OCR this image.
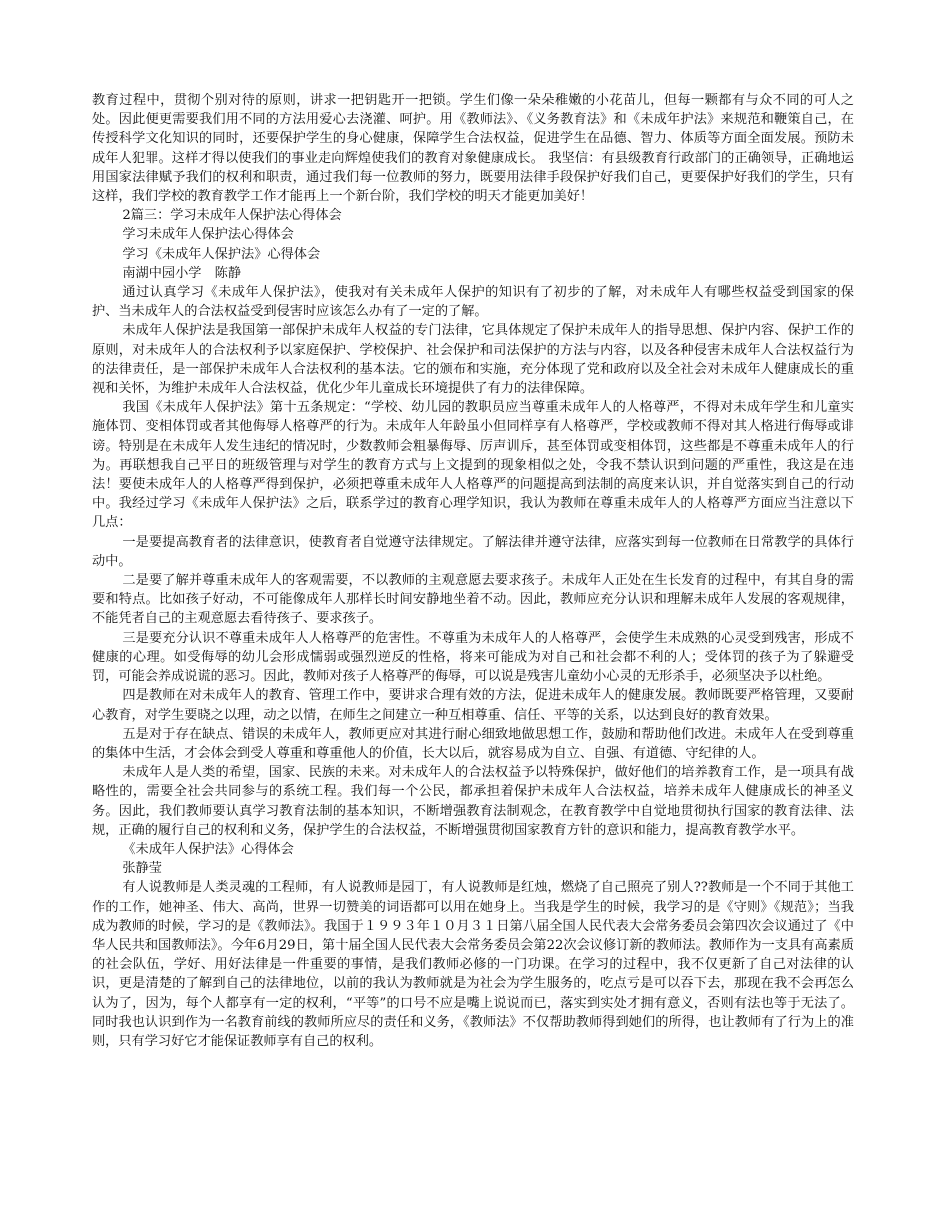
教育过程中，贯彻个别对待的原则，讲求一把钥匙开一把锁。学生们像一朵朵稚嫩的小花苗儿，但每一颗都有与众不同的可人之处。因此便更需要我们用不同的方法用爱心去浇灌、呵护。用《教师法》、《义务教育法》和《未成年护法》来规范和鞭策自己，在传授科学文化知识的同时，还要保护学生的身心健康，保障学生合法权益，促进学生在品德、智力、体质等方面全面发展。预防未成年人犯罪。这样才得以使我们的事业走向辉煌使我们的教育对象健康成长。 我坚信：有县级教育行政部门的正确领导，正确地运用国家法律赋予我们的权利和职责，通过我们每一位教师的努力，既要用法律手段保护好我们自己，更要保护好我们的学生，只有这样，我们学校的教育教学工作才能再上一个新台阶，我们学校的明天才能更加美好！

2篇三：学习未成年人保护法心得体会

学习未成年人保护法心得体会

学习《未成年人保护法》心得体会

南湖中园小学　陈静

通过认真学习《未成年人保护法》，使我对有关未成年人保护的知识有了初步的了解，对未成年人有哪些权益受到国家的保护、当未成年人的合法权益受到侵害时应该怎么办有了一定的了解。

未成年人保护法是我国第一部保护未成年人权益的专门法律，它具体规定了保护未成年人的指导思想、保护内容、保护工作的原则，对未成年人的合法权利予以家庭保护、学校保护、社会保护和司法保护的方法与内容，以及各种侵害未成年人合法权益行为的法律责任，是一部保护未成年人合法权利的基本法。它的颁布和实施，充分体现了党和政府以及全社会对未成年人健康成长的重视和关怀，为维护未成年人合法权益，优化少年儿童成长环境提供了有力的法律保障。

我国《未成年人保护法》第十五条规定：“学校、幼儿园的教职员应当尊重未成年人的人格尊严，不得对未成年学生和儿童实施体罚、变相体罚或者其他侮辱人格尊严的行为。未成年人年龄虽小但同样享有人格尊严，学校或教师不得对其人格进行侮辱或诽谤。特别是在未成年人发生违纪的情况时，少数教师会粗暴侮辱、厉声训斥，甚至体罚或变相体罚，这些都是不尊重未成年人的行为。再联想我自己平日的班级管理与对学生的教育方式与上文提到的现象相似之处，令我不禁认识到问题的严重性，我这是在违法！要使未成年人的人格尊严得到保护，必须把尊重未成年人人格尊严的问题提高到法制的高度来认识，并自觉落实到自己的行动中。我经过学习《未成年人保护法》之后，联系学过的教育心理学知识，我认为教师在尊重未成年人的人格尊严方面应当注意以下几点：

一是要提高教育者的法律意识，使教育者自觉遵守法律规定。了解法律并遵守法律，应落实到每一位教师在日常教学的具体行动中。

二是要了解并尊重未成年人的客观需要，不以教师的主观意愿去要求孩子。未成年人正处在生长发育的过程中，有其自身的需要和特点。比如孩子好动，不可能像成年人那样长时间安静地坐着不动。因此，教师应充分认识和理解未成年人发展的客观规律，不能凭者自己的主观意愿去看待孩子、要求孩子。

三是要充分认识不尊重未成年人人格尊严的危害性。不尊重为未成年人的人格尊严，会使学生未成熟的心灵受到残害，形成不健康的心理。如受侮辱的幼儿会形成懦弱或强烈逆反的性格，将来可能成为对自己和社会都不利的人；受体罚的孩子为了躲避受罚，可能会养成说谎的恶习。因此，教师对孩子人格尊严的侮辱，可以说是残害儿童幼小心灵的无形杀手，必须坚决予以杜绝。

四是教师在对未成年人的教育、管理工作中，要讲求合理有效的方法，促进未成年人的健康发展。教师既要严格管理，又要耐心教育，对学生要晓之以理，动之以情，在师生之间建立一种互相尊重、信任、平等的关系，以达到良好的教育效果。

五是对于存在缺点、错误的未成年人，教师更应对其进行耐心细致地做思想工作，鼓励和帮助他们改进。未成年人在受到尊重的集体中生活，才会体会到受人尊重和尊重他人的价值，长大以后，就容易成为自立、自强、有道德、守纪律的人。

未成年人是人类的希望，国家、民族的未来。对未成年人的合法权益予以特殊保护，做好他们的培养教育工作，是一项具有战略性的，需要全社会共同参与的系统工程。我们每一个公民，都承担着保护未成年人合法权益，培养未成年人健康成长的神圣义务。因此，我们教师要认真学习教育法制的基本知识，不断增强教育法制观念，在教育教学中自觉地贯彻执行国家的教育法律、法规，正确的履行自己的权利和义务，保护学生的合法权益，不断增强贯彻国家教育方针的意识和能力，提高教育教学水平。

《未成年人保护法》心得体会

张静莹

有人说教师是人类灵魂的工程师，有人说教师是园丁，有人说教师是红烛，燃烧了自己照亮了别人??教师是一个不同于其他工作的工作，她神圣、伟大、高尚，世界一切赞美的词语都可以用在她身上。当我是学生的时候，我学习的是《守则》《规范》；当我成为教师的时候，学习的是《教师法》。我国于１９９３年１０月３１日第八届全国人民代表大会常务委员会第四次会议通过了《中华人民共和国教师法》。今年6月29日，第十届全国人民代表大会常务委员会第22次会议修订新的教师法。教师作为一支具有高素质的社会队伍，学好、用好法律是一件重要的事情，是我们教师必修的一门功课。在学习的过程中，我不仅更新了自己对法律的认识，更是清楚的了解到自己的法律地位，以前的我认为教师就是为社会为学生服务的，吃点亏是可以吞下去，那现在我不会再怎么认为了，因为，每个人都享有一定的权利，“平等”的口号不应是嘴上说说而已，落实到实处才拥有意义，否则有法也等于无法了。同时我也认识到作为一名教育前线的教师所应尽的责任和义务，《教师法》不仅帮助教师得到她们的所得，也让教师有了行为上的准则，只有学习好它才能保证教师享有自己的权利。
